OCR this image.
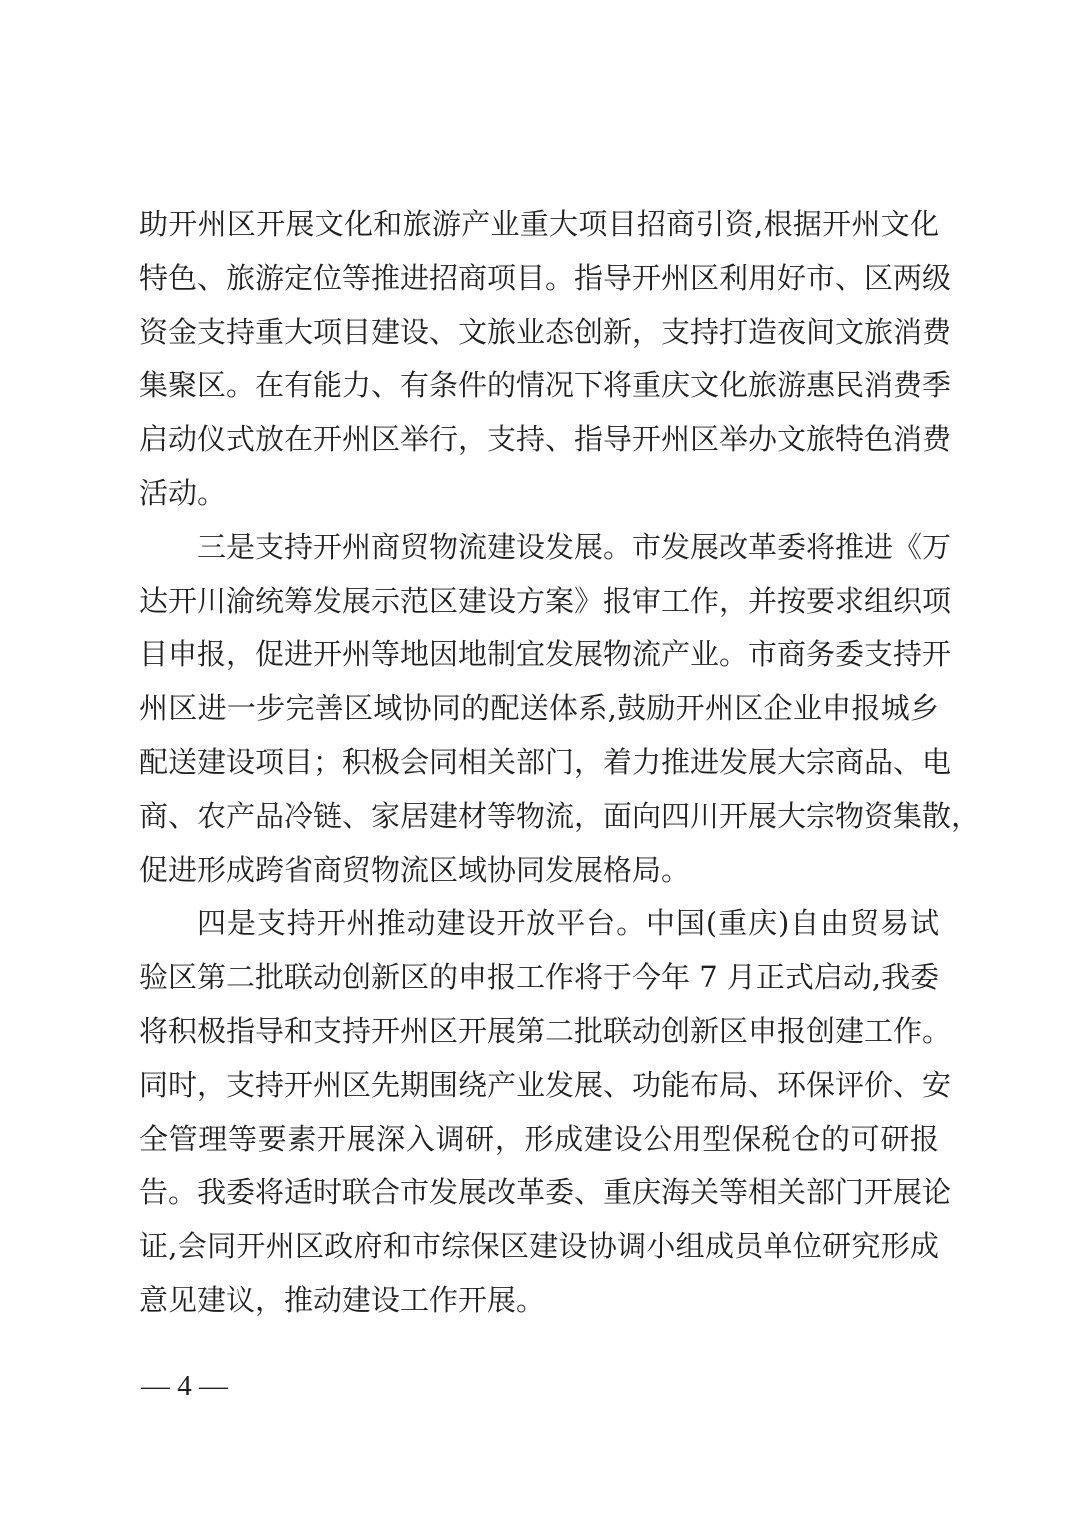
助开州区开展文化和旅游产业重大项目招商引资,根据开州文化
特色、旅游定位等推进招商项目。指导开州区利用好市、区两级
资金支持重大项目建设、文旅业态创新，支持打造夜间文旅消费
集聚区。在有能力、有条件的情况下将重庆文化旅游惠民消费季
启动仪式放在开州区举行，支持、指导开州区举办文旅特色消费
活动。
三是支持开州商贸物流建设发展。市发展改革委将推进《万
达开川渝统筹发展示范区建设方案》报审工作，并按要求组织项
目申报，促进开州等地因地制宜发展物流产业。市商务委支持开
州区进一步完善区域协同的配送体系,鼓励开州区企业申报城乡
配送建设项目；积极会同相关部门，着力推进发展大宗商品、电
商、农产品冷链、家居建材等物流，面向四川开展大宗物资集散，
促进形成跨省商贸物流区域协同发展格局。
四是支持开州推动建设开放平台。中国(重庆)自由贸易试
验区第二批联动创新区的申报工作将于今年 7 月正式启动,我委
将积极指导和支持开州区开展第二批联动创新区申报创建工作。
同时，支持开州区先期围绕产业发展、功能布局、环保评价、安
全管理等要素开展深入调研，形成建设公用型保税仓的可研报
告。我委将适时联合市发展改革委、重庆海关等相关部门开展论
证,会同开州区政府和市综保区建设协调小组成员单位研究形成
意见建议，推动建设工作开展。
— 4 —
